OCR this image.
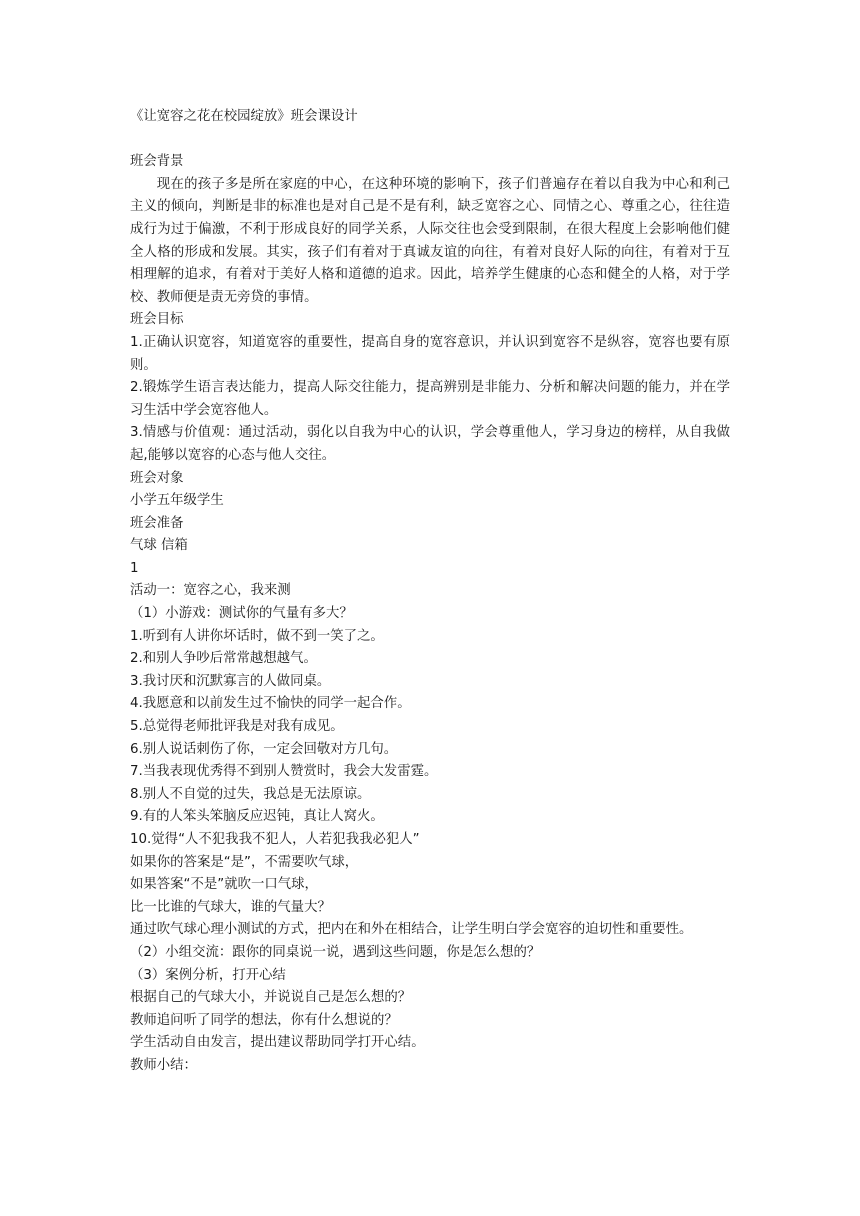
《让宽容之花在校园绽放》班会课设计

班会背景

现在的孩子多是所在家庭的中心，在这种环境的影响下，孩子们普遍存在着以自我为中心和利己主义的倾向，判断是非的标准也是对自己是不是有利，缺乏宽容之心、同情之心、尊重之心，往往造成行为过于偏激，不利于形成良好的同学关系，人际交往也会受到限制，在很大程度上会影响他们健全人格的形成和发展。其实，孩子们有着对于真诚友谊的向往，有着对良好人际的向往，有着对于互相理解的追求，有着对于美好人格和道德的追求。因此，培养学生健康的心态和健全的人格，对于学校、教师便是责无旁贷的事情。

班会目标

1.正确认识宽容，知道宽容的重要性，提高自身的宽容意识，并认识到宽容不是纵容，宽容也要有原则。

2.锻炼学生语言表达能力，提高人际交往能力，提高辨别是非能力、分析和解决问题的能力，并在学习生活中学会宽容他人。

3.情感与价值观：通过活动，弱化以自我为中心的认识，学会尊重他人，学习身边的榜样，从自我做起,能够以宽容的心态与他人交往。

班会对象

小学五年级学生

班会准备

气球 信箱

1

活动一：宽容之心，我来测

（1）小游戏：测试你的气量有多大？

1.听到有人讲你坏话时，做不到一笑了之。

2.和别人争吵后常常越想越气。

3.我讨厌和沉默寡言的人做同桌。

4.我愿意和以前发生过不愉快的同学一起合作。

5.总觉得老师批评我是对我有成见。

6.别人说话刺伤了你，一定会回敬对方几句。

7.当我表现优秀得不到别人赞赏时，我会大发雷霆。

8.别人不自觉的过失，我总是无法原谅。

9.有的人笨头笨脑反应迟钝，真让人窝火。

10.觉得“人不犯我我不犯人，人若犯我我必犯人”

如果你的答案是“是”，不需要吹气球，

如果答案“不是”就吹一口气球，

比一比谁的气球大，谁的气量大？

通过吹气球心理小测试的方式，把内在和外在相结合，让学生明白学会宽容的迫切性和重要性。

（2）小组交流：跟你的同桌说一说，遇到这些问题，你是怎么想的？

（3）案例分析，打开心结

根据自己的气球大小，并说说自己是怎么想的？

教师追问听了同学的想法，你有什么想说的？

学生活动自由发言，提出建议帮助同学打开心结。

教师小结：
